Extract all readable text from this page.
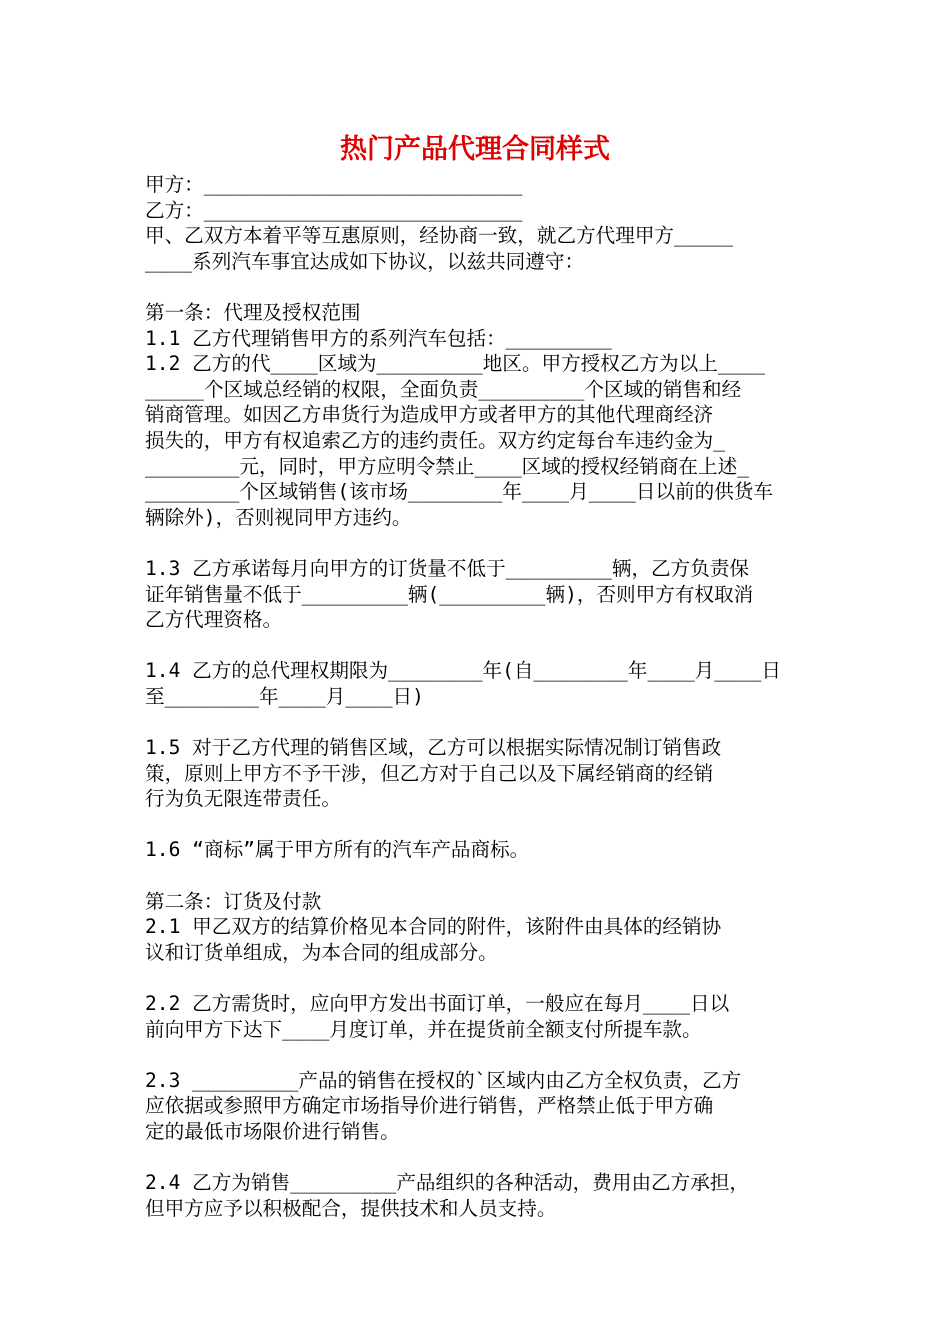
热门产品代理合同样式
甲方：___________________________
乙方：___________________________
甲、乙双方本着平等互惠原则，经协商一致，就乙方代理甲方_____
____系列汽车事宜达成如下协议，以兹共同遵守：
第一条：代理及授权范围
1.1 乙方代理销售甲方的系列汽车包括：_________
1.2 乙方的代____区域为_________地区。甲方授权乙方为以上____
_____个区域总经销的权限，全面负责_________个区域的销售和经
销商管理。如因乙方串货行为造成甲方或者甲方的其他代理商经济
损失的，甲方有权追索乙方的违约责任。双方约定每台车违约金为_
________元，同时，甲方应明令禁止____区域的授权经销商在上述_
________个区域销售(该市场________年____月____日以前的供货车
辆除外)，否则视同甲方违约。
1.3 乙方承诺每月向甲方的订货量不低于_________辆，乙方负责保
证年销售量不低于_________辆(_________辆)，否则甲方有权取消
乙方代理资格。
1.4 乙方的总代理权期限为________年(自________年____月____日
至________年____月____日)
1.5 对于乙方代理的销售区域，乙方可以根据实际情况制订销售政
策，原则上甲方不予干涉，但乙方对于自己以及下属经销商的经销
行为负无限连带责任。
1.6 “商标”属于甲方所有的汽车产品商标。
第二条：订货及付款
2.1 甲乙双方的结算价格见本合同的附件，该附件由具体的经销协
议和订货单组成，为本合同的组成部分。
2.2 乙方需货时，应向甲方发出书面订单，一般应在每月____日以
前向甲方下达下____月度订单，并在提货前全额支付所提车款。
2.3 _________产品的销售在授权的`区域内由乙方全权负责，乙方
应依据或参照甲方确定市场指导价进行销售，严格禁止低于甲方确
定的最低市场限价进行销售。
2.4 乙方为销售_________产品组织的各种活动，费用由乙方承担，
但甲方应予以积极配合，提供技术和人员支持。
